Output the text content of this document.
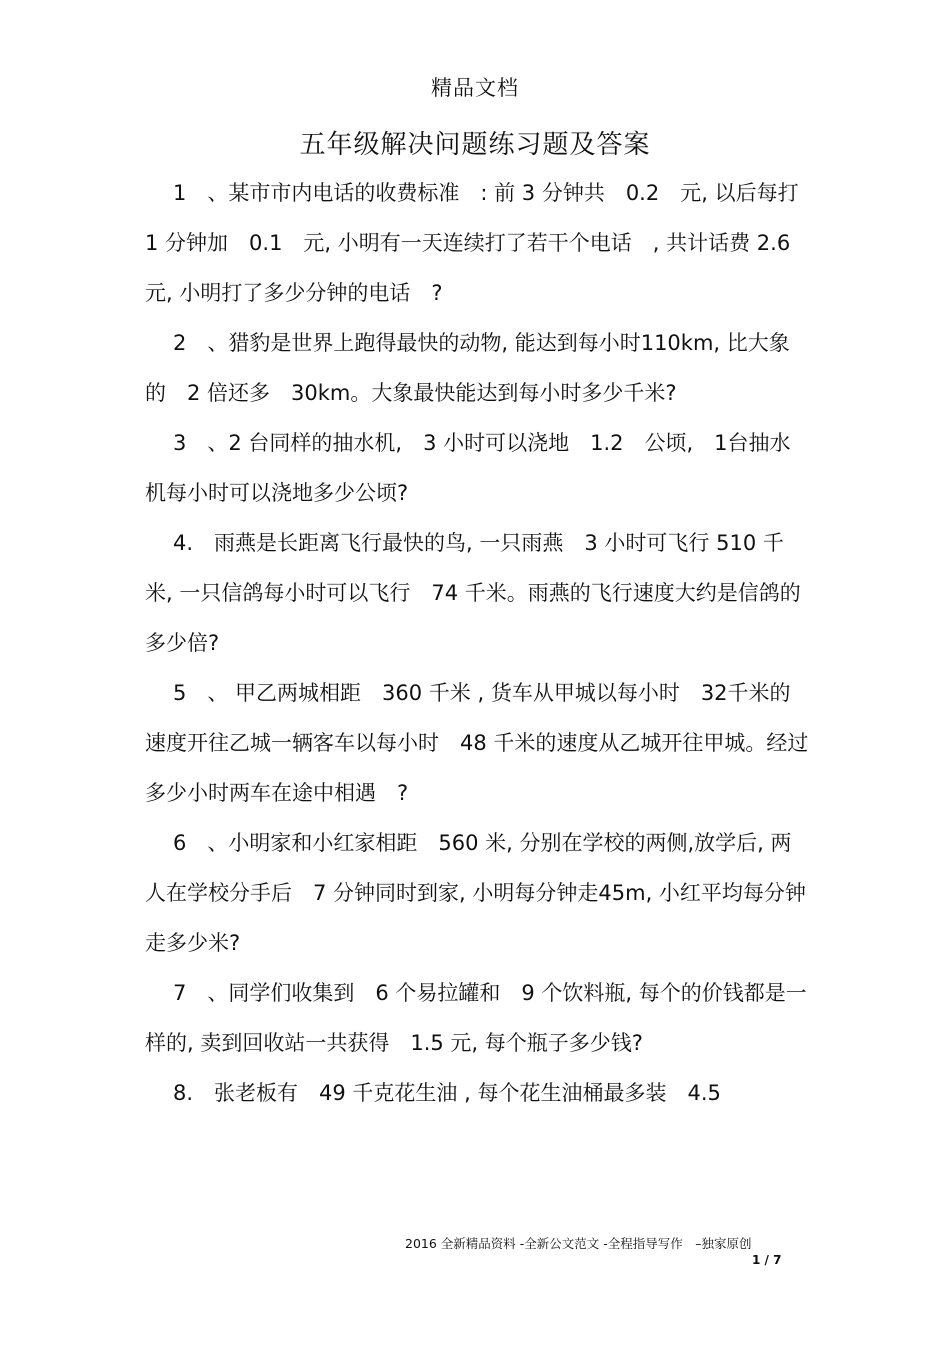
精品文档
五年级解决问题练习题及答案

1　、某市市内电话的收费标准　: 前 3 分钟共　0.2　元, 以后每打 1 分钟加　0.1　元, 小明有一天连续打了若干个电话　, 共计话费 2.6 元, 小明打了多少分钟的电话　?

2　、猎豹是世界上跑得最快的动物, 能达到每小时110km, 比大象的　2 倍还多　30km。大象最快能达到每小时多少千米?

3　、2 台同样的抽水机,　3 小时可以浇地　1.2　公顷,　1台抽水机每小时可以浇地多少公顷?

4.　雨燕是长距离飞行最快的鸟, 一只雨燕　3 小时可飞行 510 千米, 一只信鸽每小时可以飞行　74 千米。雨燕的飞行速度大约是信鸽的多少倍?

5　、 甲乙两城相距　360 千米 , 货车从甲城以每小时　32千米的速度开往乙城一辆客车以每小时　48 千米的速度从乙城开往甲城。经过多少小时两车在途中相遇　?

6　、小明家和小红家相距　560 米, 分别在学校的两侧,放学后, 两人在学校分手后　7 分钟同时到家, 小明每分钟走45m, 小红平均每分钟走多少米?

7　、同学们收集到　6 个易拉罐和　9 个饮料瓶, 每个的价钱都是一样的, 卖到回收站一共获得　1.5 元, 每个瓶子多少钱?

8.　张老板有　49 千克花生油 , 每个花生油桶最多装　4.5

2016 全新精品资料 -全新公文范文 -全程指导写作　–独家原创
1 / 7
